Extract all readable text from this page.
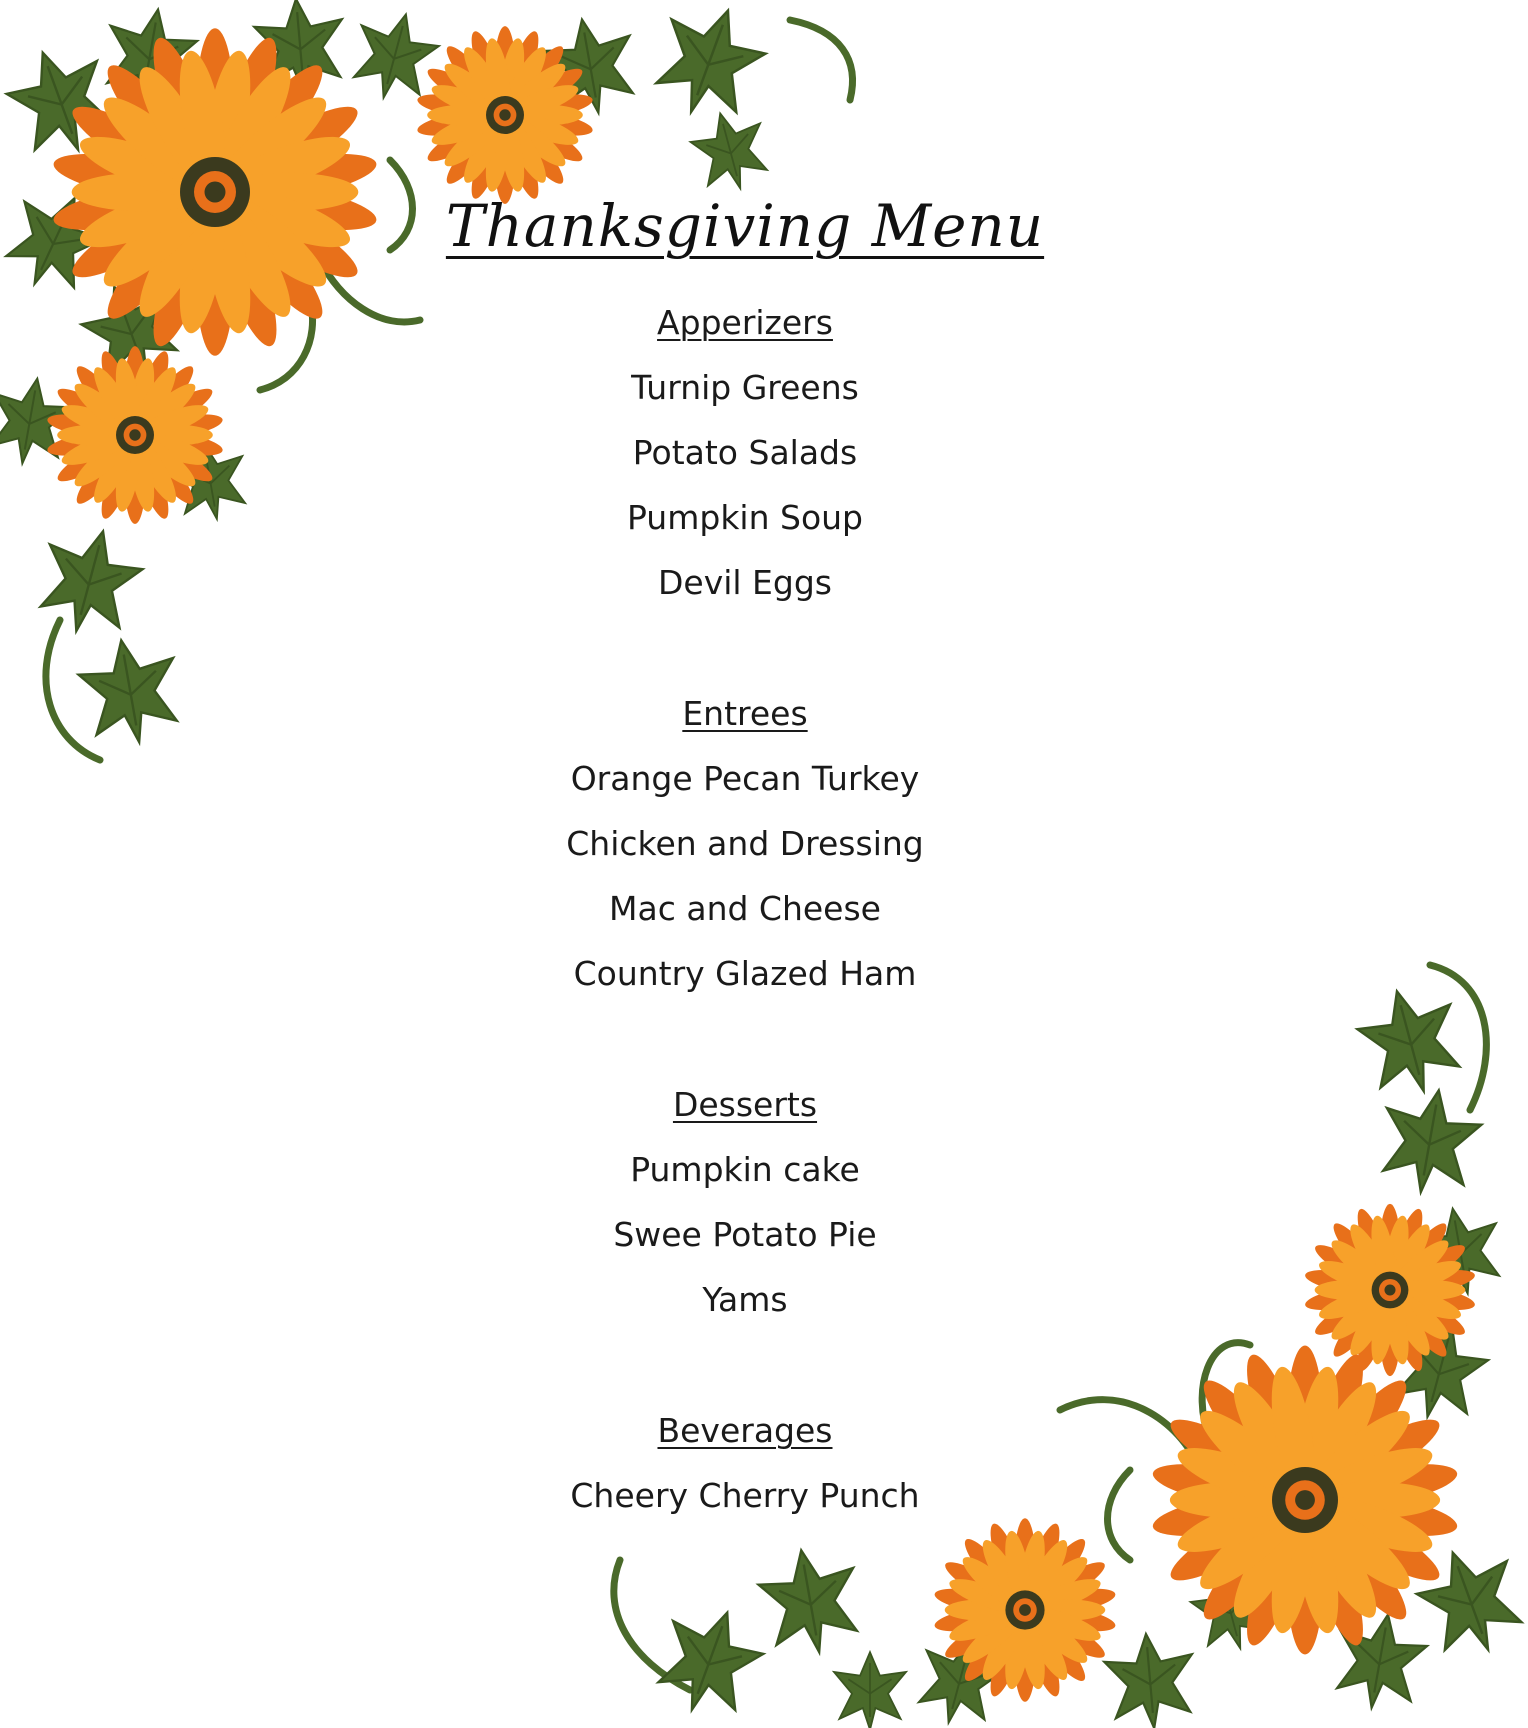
Thanksgiving Menu
Apperizers
Turnip Greens
Potato Salads
Pumpkin Soup
Devil Eggs
Entrees
Orange Pecan Turkey
Chicken and Dressing
Mac and Cheese
Country Glazed Ham
Desserts
Pumpkin cake
Swee Potato Pie
Yams
Beverages
Cheery Cherry Punch
